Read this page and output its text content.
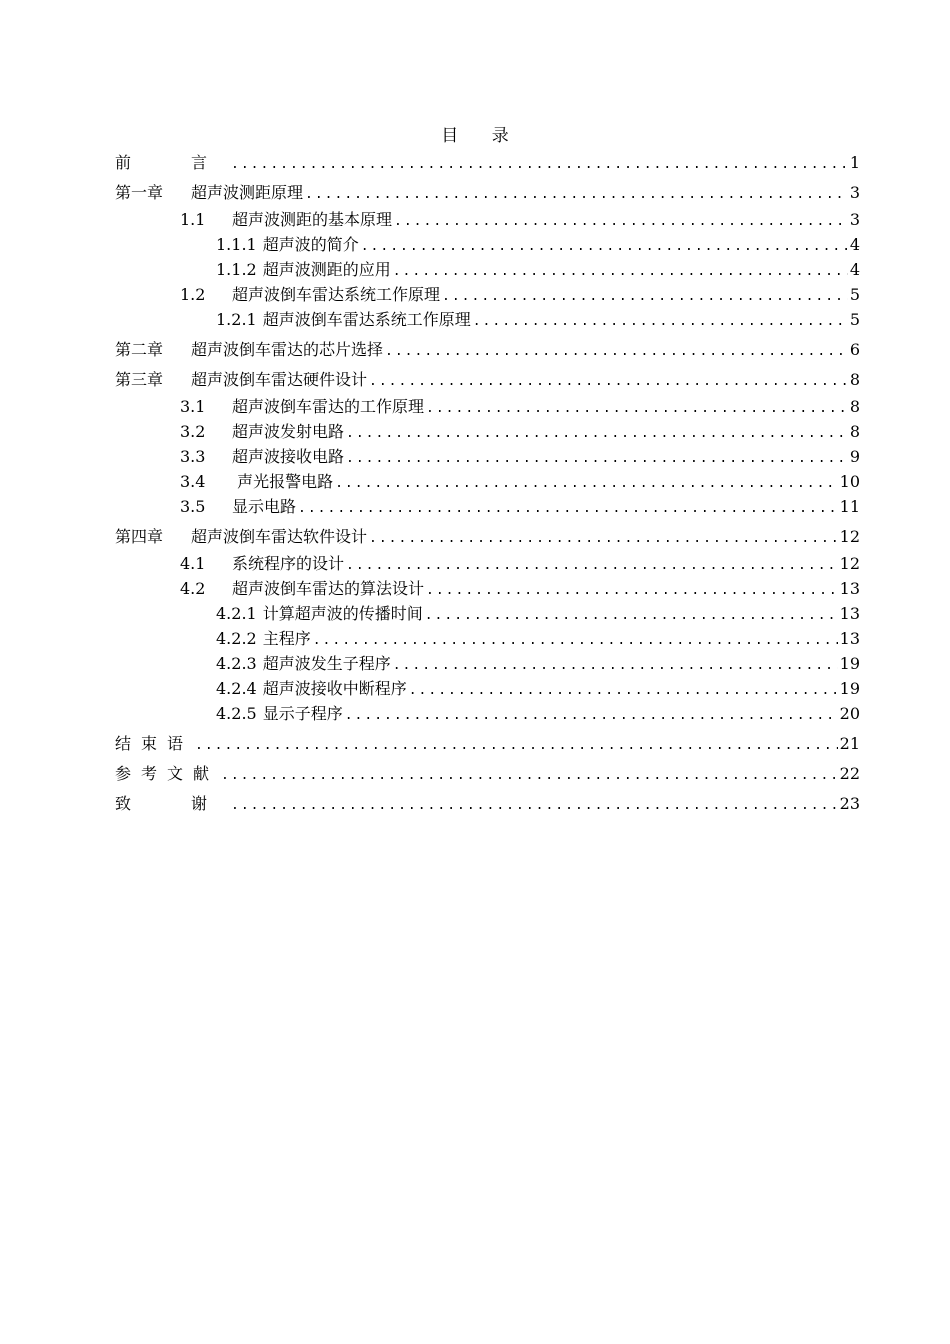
目 录
前　言 .....	1
第一章 超声波测距原理 .....	3
1.1 超声波测距的基本原理 .....	3
1.1.1 超声波的简介 .....	4
1.1.2 超声波测距的应用 .....	4
1.2 超声波倒车雷达系统工作原理 .....	5
1.2.1 超声波倒车雷达系统工作原理 .....	5
第二章 超声波倒车雷达的芯片选择 .....	6
第三章 超声波倒车雷达硬件设计 .....	8
3.1 超声波倒车雷达的工作原理 .....	8
3.2 超声波发射电路 .....	8
3.3 超声波接收电路 .....	9
3.4 声光报警电路 .....	10
3.5 显示电路 .....	11
第四章 超声波倒车雷达软件设计 .....	12
4.1 系统程序的设计 .....	12
4.2 超声波倒车雷达的算法设计 .....	13
4.2.1 计算超声波的传播时间 .....	13
4.2.2 主程序 .....	13
4.2.3 超声波发生子程序 .....	19
4.2.4 超声波接收中断程序 .....	19
4.2.5 显示子程序 .....	20
结束语 .....	21
参考文献 .....	22
致　谢 .....	23
